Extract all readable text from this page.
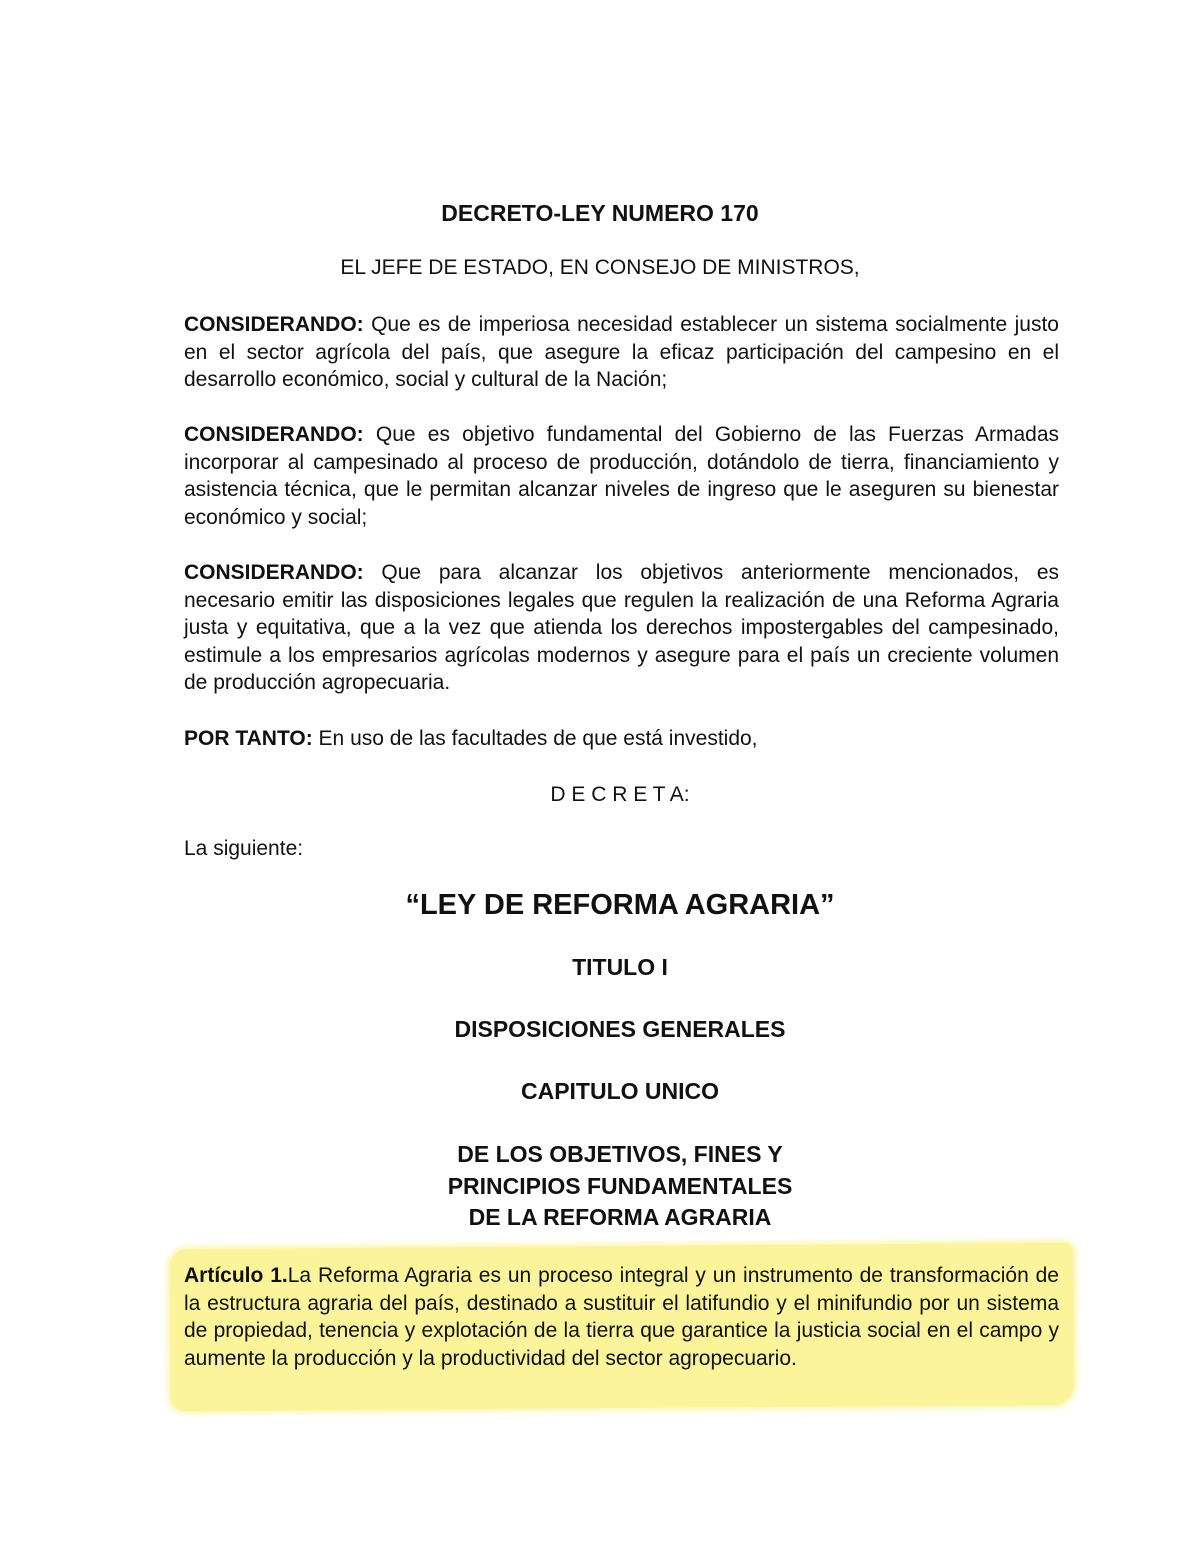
DECRETO-LEY NUMERO 170

EL JEFE DE ESTADO, EN CONSEJO DE MINISTROS,

CONSIDERANDO: Que es de imperiosa necesidad establecer un sistema socialmente justo en el sector agrícola del país, que asegure la eficaz participación del campesino en el desarrollo económico, social y cultural de la Nación;

CONSIDERANDO: Que es objetivo fundamental del Gobierno de las Fuerzas Armadas incorporar al campesinado al proceso de producción, dotándolo de tierra, financiamiento y asistencia técnica, que le permitan alcanzar niveles de ingreso que le aseguren su bienestar económico y social;

CONSIDERANDO: Que para alcanzar los objetivos anteriormente mencionados, es necesario emitir las disposiciones legales que regulen la realización de una Reforma Agraria justa y equitativa, que a la vez que atienda los derechos impostergables del campesinado, estimule a los empresarios agrícolas modernos y asegure para el país un creciente volumen de producción agropecuaria.

POR TANTO: En uso de las facultades de que está investido,

D E C R E T A:

La siguiente:

“LEY DE REFORMA AGRARIA”
TITULO I
DISPOSICIONES GENERALES
CAPITULO UNICO
DE LOS OBJETIVOS, FINES Y
PRINCIPIOS FUNDAMENTALES
DE LA REFORMA AGRARIA

Artículo 1.La Reforma Agraria es un proceso integral y un instrumento de transformación de la estructura agraria del país, destinado a sustituir el latifundio y el minifundio por un sistema de propiedad, tenencia y explotación de la tierra que garantice la justicia social en el campo y aumente la producción y la productividad del sector agropecuario.
